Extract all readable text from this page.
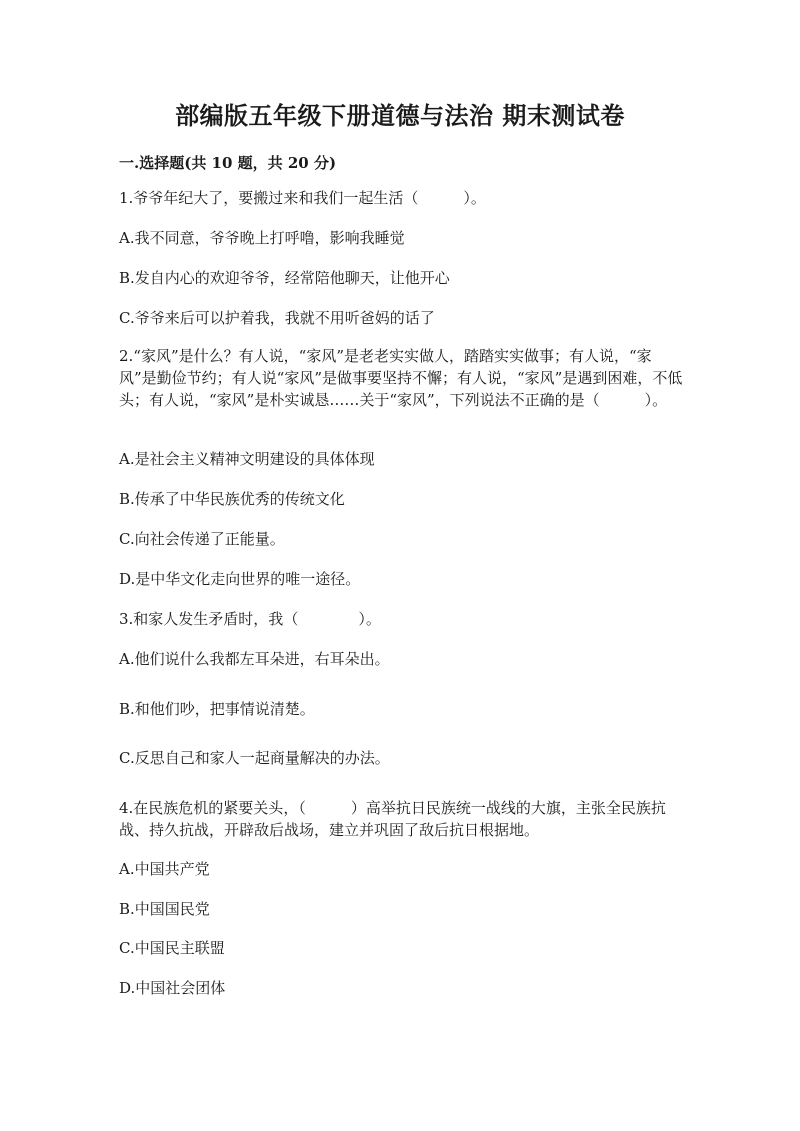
部编版五年级下册道德与法治 期末测试卷
一.选择题(共 10 题，共 20 分)
1.爷爷年纪大了，要搬过来和我们一起生活（　　　）。
A.我不同意，爷爷晚上打呼噜，影响我睡觉
B.发自内心的欢迎爷爷，经常陪他聊天，让他开心
C.爷爷来后可以护着我，我就不用听爸妈的话了
2.“家风”是什么？有人说，“家风”是老老实实做人，踏踏实实做事；有人说，“家风”是勤俭节约；有人说“家风”是做事要坚持不懈；有人说，“家风”是遇到困难，不低头；有人说，“家风”是朴实诚恳……关于“家风”，下列说法不正确的是（　　　）。
A.是社会主义精神文明建设的具体体现
B.传承了中华民族优秀的传统文化
C.向社会传递了正能量。
D.是中华文化走向世界的唯一途径。
3.和家人发生矛盾时，我（　　　　）。
A.他们说什么我都左耳朵进，右耳朵出。
B.和他们吵，把事情说清楚。
C.反思自己和家人一起商量解决的办法。
4.在民族危机的紧要关头，（　　　）高举抗日民族统一战线的大旗，主张全民族抗战、持久抗战，开辟敌后战场，建立并巩固了敌后抗日根据地。
A.中国共产党
B.中国国民党
C.中国民主联盟
D.中国社会团体
